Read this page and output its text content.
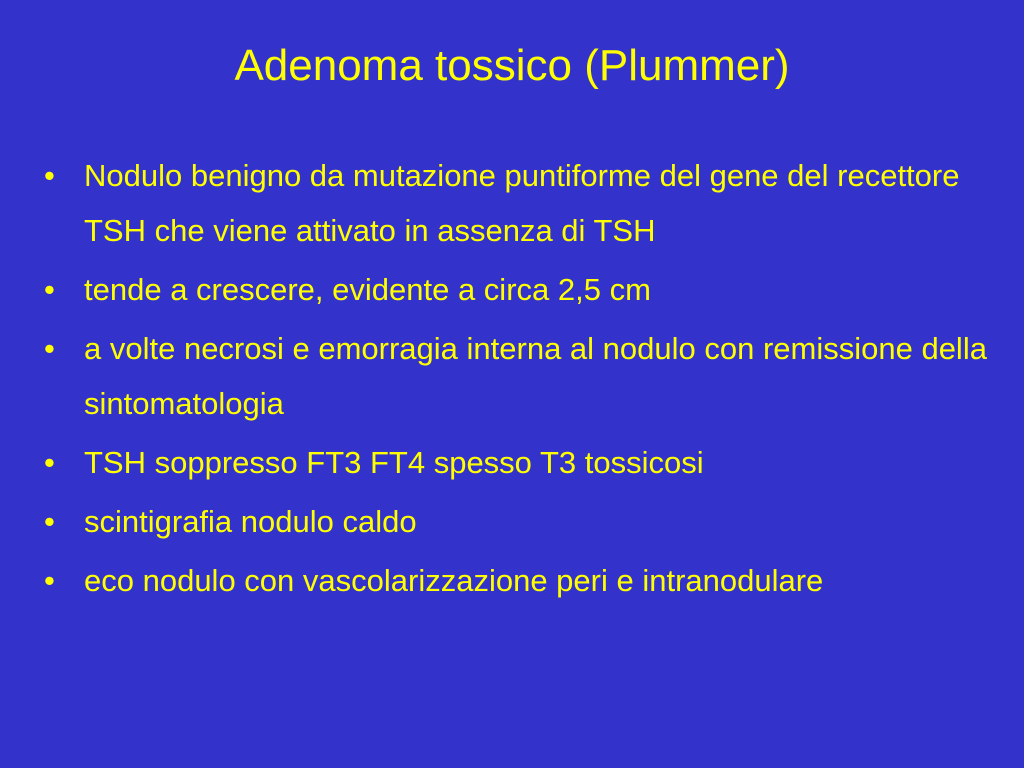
Adenoma tossico (Plummer)
• Nodulo benigno da mutazione puntiforme del gene del recettore TSH che viene attivato in assenza di TSH
• tende a crescere, evidente a circa 2,5 cm
• a volte necrosi e emorragia interna al nodulo con remissione della sintomatologia
• TSH soppresso FT3 FT4 spesso T3 tossicosi
• scintigrafia nodulo caldo
• eco nodulo con vascolarizzazione peri e intranodulare
